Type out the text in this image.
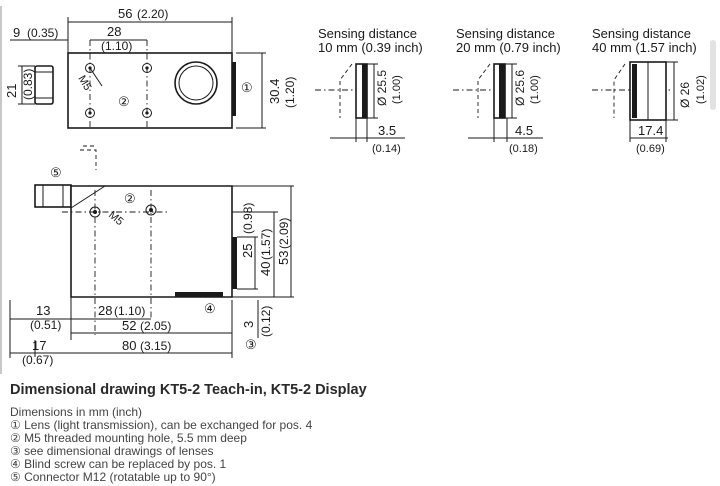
M5
②
①
56 (2.20)
9 (0.35)	28
(1.10)
21 (0.83)	30.4 (1.20)
Sensing distance
10 mm (0.39 inch)
Ø 25.5 (1.00)
3.5
(0.14)
Sensing distance
20 mm (0.79 inch)
Ø 25.6 (1.00)
4.5
(0.18)
Sensing distance
40 mm (1.57 inch)
Ø 26 (1.02)
17.4
(0.69)
M5
⑤
②
④
③
25
(0.98)
40
(1.57) 53
(2.09)
3 (0.12)
13
(0.51)
28 (1.10)
52 (2.05)
17
(0.67)
80 (3.15)
Dimensional drawing KT5-2 Teach-in, KT5-2 Display
Dimensions in mm (inch)
① Lens (light transmission), can be exchanged for pos. 4
② M5 threaded mounting hole, 5.5 mm deep
③ see dimensional drawings of lenses
④ Blind screw can be replaced by pos. 1
⑤ Connector M12 (rotatable up to 90°)
